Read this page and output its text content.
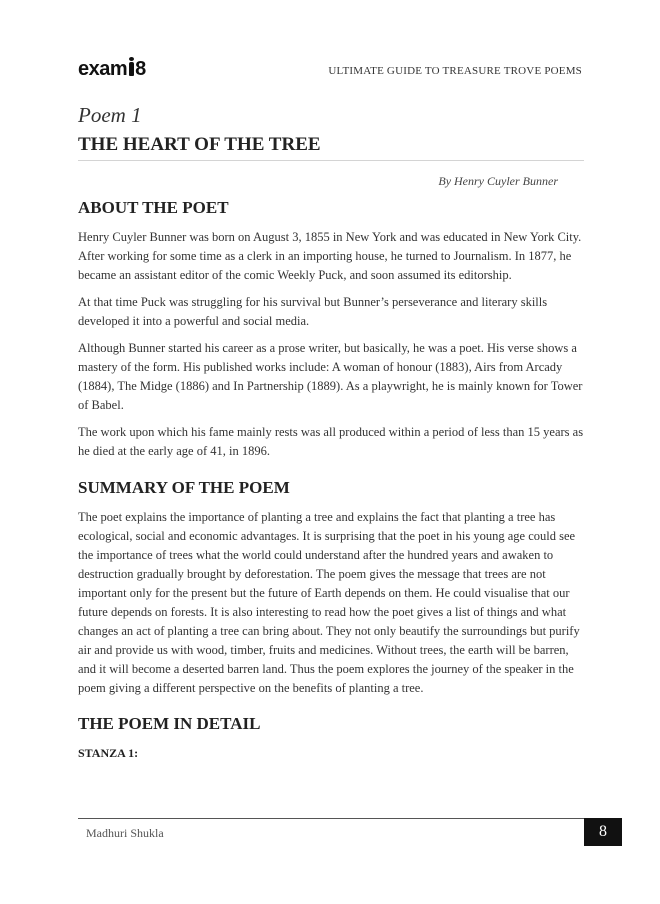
exam 8	ULTIMATE GUIDE TO TREASURE TROVE POEMS
Poem 1
THE HEART OF THE TREE
By Henry Cuyler Bunner
ABOUT THE POET

Henry Cuyler Bunner was born on August 3, 1855 in New York and was educated in New York City. After working for some time as a clerk in an importing house, he turned to Journalism. In 1877, he became an assistant editor of the comic Weekly Puck, and soon assumed its editorship.

At that time Puck was struggling for his survival but Bunner’s perseverance and literary skills developed it into a powerful and social media.

Although Bunner started his career as a prose writer, but basically, he was a poet. His verse shows a mastery of the form. His published works include: A woman of honour (1883), Airs from Arcady (1884), The Midge (1886) and In Partnership (1889). As a playwright, he is mainly known for Tower of Babel.

The work upon which his fame mainly rests was all produced within a period of less than 15 years as he died at the early age of 41, in 1896.

SUMMARY OF THE POEM

The poet explains the importance of planting a tree and explains the fact that planting a tree has ecological, social and economic advantages. It is surprising that the poet in his young age could see the importance of trees what the world could understand after the hundred years and awaken to destruction gradually brought by deforestation. The poem gives the message that trees are not important only for the present but the future of Earth depends on them. He could visualise that our future depends on forests. It is also interesting to read how the poet gives a list of things and what changes an act of planting a tree can bring about. They not only beautify the surroundings but purify air and provide us with wood, timber, fruits and medicines. Without trees, the earth will be barren, and it will become a deserted barren land. Thus the poem explores the journey of the speaker in the poem giving a different perspective on the benefits of planting a tree.

THE POEM IN DETAIL
STANZA 1:
Madhuri Shukla	8
